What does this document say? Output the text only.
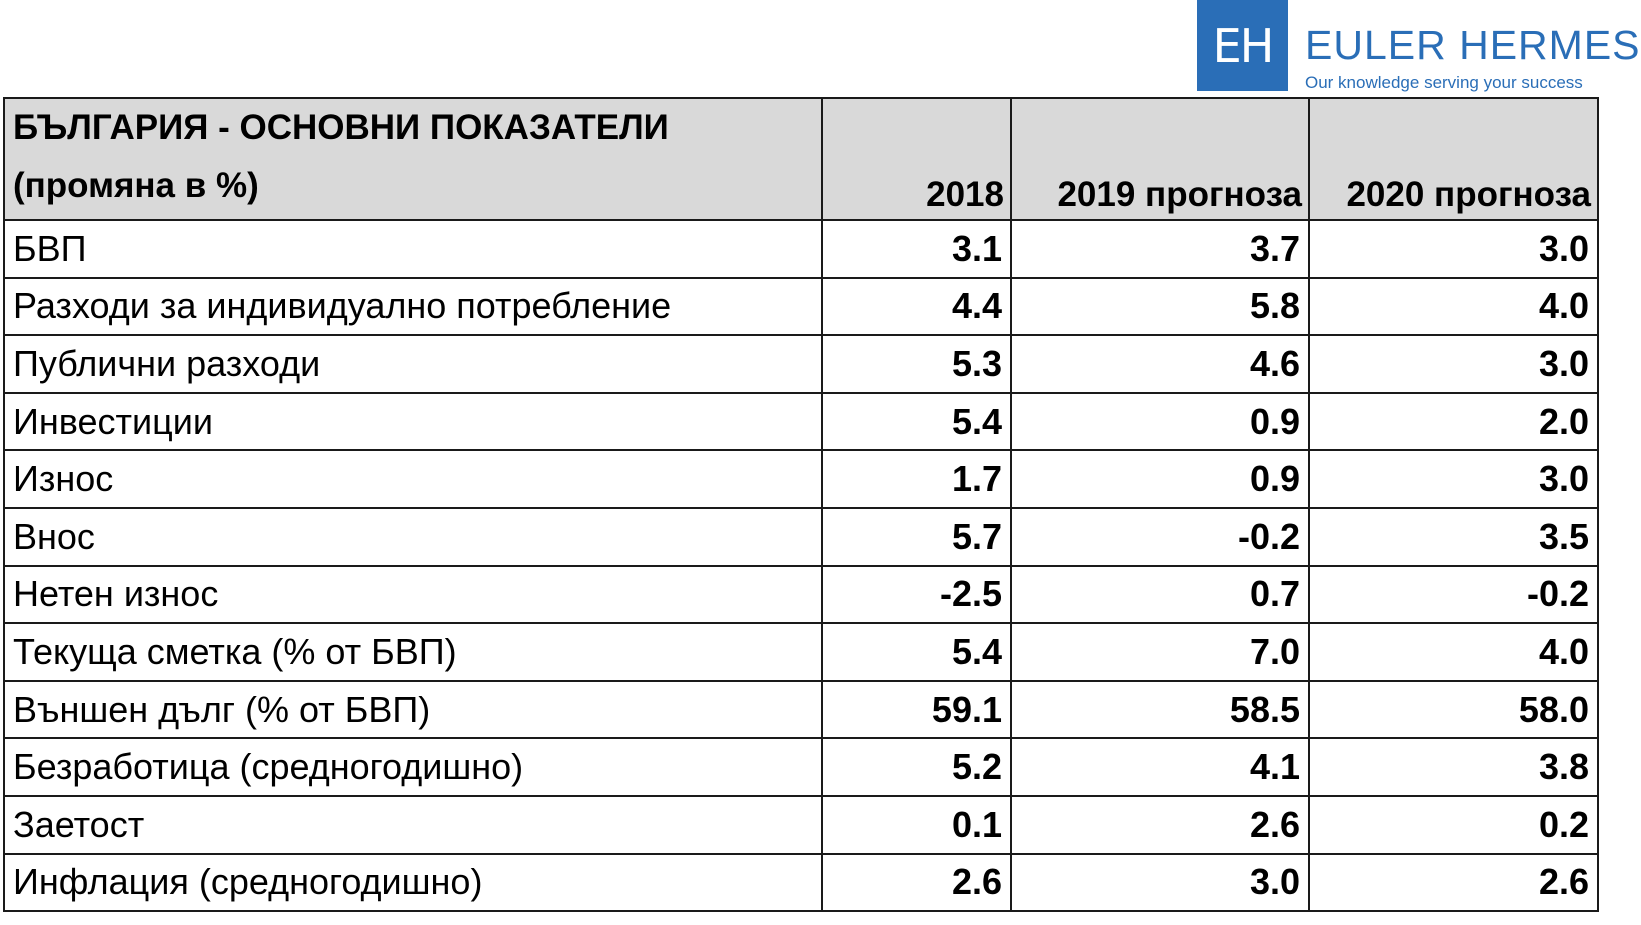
EH EULER HERMES
Our knowledge serving your success
БЪЛГАРИЯ - ОСНОВНИ ПОКАЗАТЕЛИ
(промяна в %)	2018	2019 прогноза	2020 прогноза
БВП	3.1	3.7	3.0
Разходи за индивидуално потребление	4.4	5.8	4.0
Публични разходи	5.3	4.6	3.0
Инвестиции	5.4	0.9	2.0
Износ	1.7	0.9	3.0
Внос	5.7	-0.2	3.5
Нетен износ	-2.5	0.7	-0.2
Текуща сметка (% от БВП)	5.4	7.0	4.0
Външен дълг (% от БВП)	59.1	58.5	58.0
Безработица (средногодишно)	5.2	4.1	3.8
Заетост	0.1	2.6	0.2
Инфлация (средногодишно)	2.6	3.0	2.6
